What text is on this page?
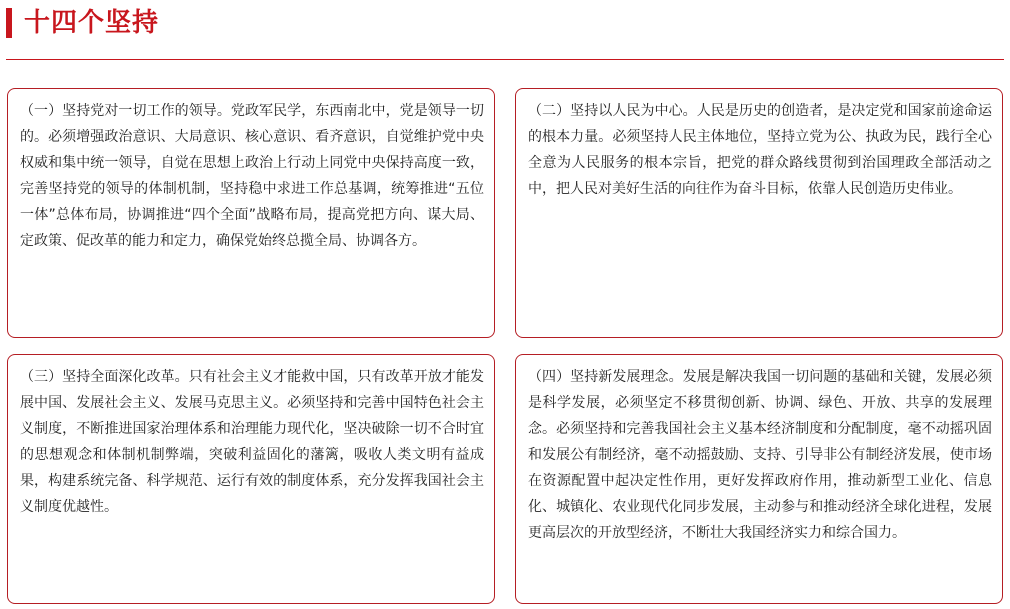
十四个坚持

（一）坚持党对一切工作的领导。党政军民学，东西南北中，党是领导一切的。必须增强政治意识、大局意识、核心意识、看齐意识，自觉维护党中央权威和集中统一领导，自觉在思想上政治上行动上同党中央保持高度一致，完善坚持党的领导的体制机制，坚持稳中求进工作总基调，统筹推进“五位一体”总体布局，协调推进“四个全面”战略布局，提高党把方向、谋大局、定政策、促改革的能力和定力，确保党始终总揽全局、协调各方。

（二）坚持以人民为中心。人民是历史的创造者，是决定党和国家前途命运的根本力量。必须坚持人民主体地位，坚持立党为公、执政为民，践行全心全意为人民服务的根本宗旨，把党的群众路线贯彻到治国理政全部活动之中，把人民对美好生活的向往作为奋斗目标，依靠人民创造历史伟业。

（三）坚持全面深化改革。只有社会主义才能救中国，只有改革开放才能发展中国、发展社会主义、发展马克思主义。必须坚持和完善中国特色社会主义制度，不断推进国家治理体系和治理能力现代化，坚决破除一切不合时宜的思想观念和体制机制弊端，突破利益固化的藩篱，吸收人类文明有益成果，构建系统完备、科学规范、运行有效的制度体系，充分发挥我国社会主义制度优越性。

（四）坚持新发展理念。发展是解决我国一切问题的基础和关键，发展必须是科学发展，必须坚定不移贯彻创新、协调、绿色、开放、共享的发展理念。必须坚持和完善我国社会主义基本经济制度和分配制度，毫不动摇巩固和发展公有制经济，毫不动摇鼓励、支持、引导非公有制经济发展，使市场在资源配置中起决定性作用，更好发挥政府作用，推动新型工业化、信息化、城镇化、农业现代化同步发展，主动参与和推动经济全球化进程，发展更高层次的开放型经济，不断壮大我国经济实力和综合国力。
